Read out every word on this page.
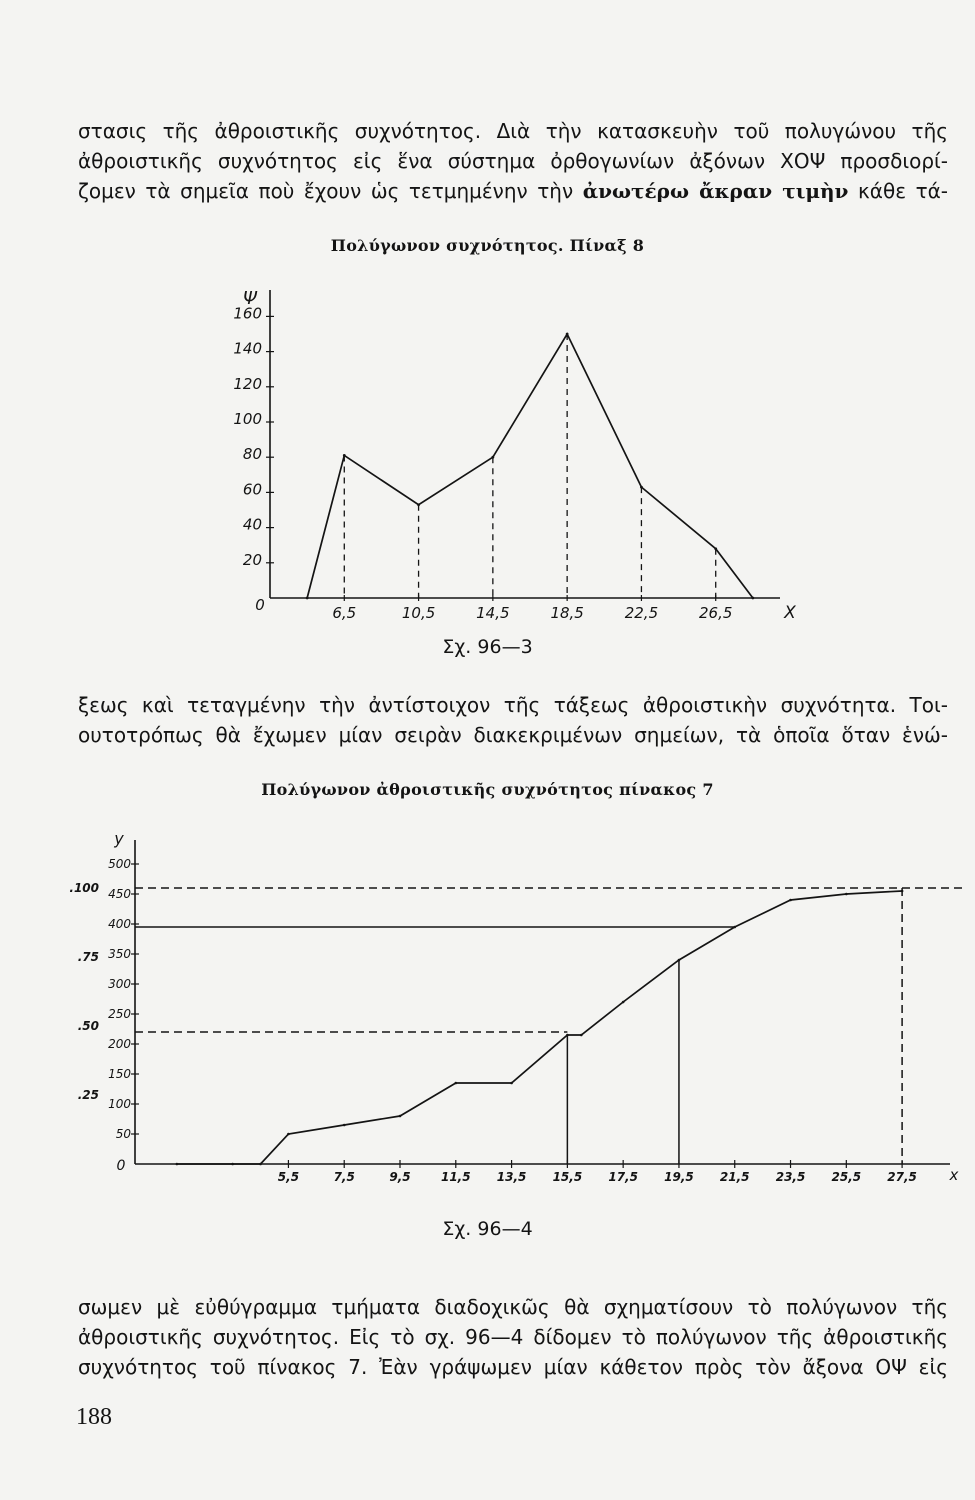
στασις τῆς ἀθροιστικῆς συχνότητος. Διὰ τὴν κατασκευὴν τοῦ πολυγώνου τῆς
ἀθροιστικῆς συχνότητος εἰς ἕνα σύστημα ὀρθογωνίων ἀξόνων ΧΟΨ προσδιορί-
ζομεν τὰ σημεῖα ποὺ ἔχουν ὡς τετμημένην τὴν ἀνωτέρω ἄκραν τιμὴν κάθε τά-
Πολύγωνον συχνότητος. Πίναξ 8
20
40
60
80
100
120
140
160
6,5	10,5	14,5	18,5	22,5	26,5
Ψ
Χ
0
Σχ. 96—3
ξεως καὶ τεταγμένην τὴν ἀντίστοιχον τῆς τάξεως ἀθροιστικὴν συχνότητα. Τοι-
ουτοτρόπως θὰ ἔχωμεν μίαν σειρὰν διακεκριμένων σημείων, τὰ ὁποῖα ὅταν ἑνώ-
Πολύγωνον ἀθροιστικῆς συχνότητος πίνακος 7
50
100
150
200
250
300
350
400
450
500
.25
.50
.75
.100
5,5	7,5	9,5	11,5 13,5 15,5 17,5 19,5 21,5 23,5 25,5 27,5
y
x
0
Σχ. 96—4
σωμεν μὲ εὐθύγραμμα τμήματα διαδοχικῶς θὰ σχηματίσουν τὸ πολύγωνον τῆς
ἀθροιστικῆς συχνότητος. Εἰς τὸ σχ. 96—4 δίδομεν τὸ πολύγωνον τῆς ἀθροιστικῆς
συχνότητος τοῦ πίνακος 7. Ἐὰν γράψωμεν μίαν κάθετον πρὸς τὸν ἄξονα ΟΨ εἰς
188
